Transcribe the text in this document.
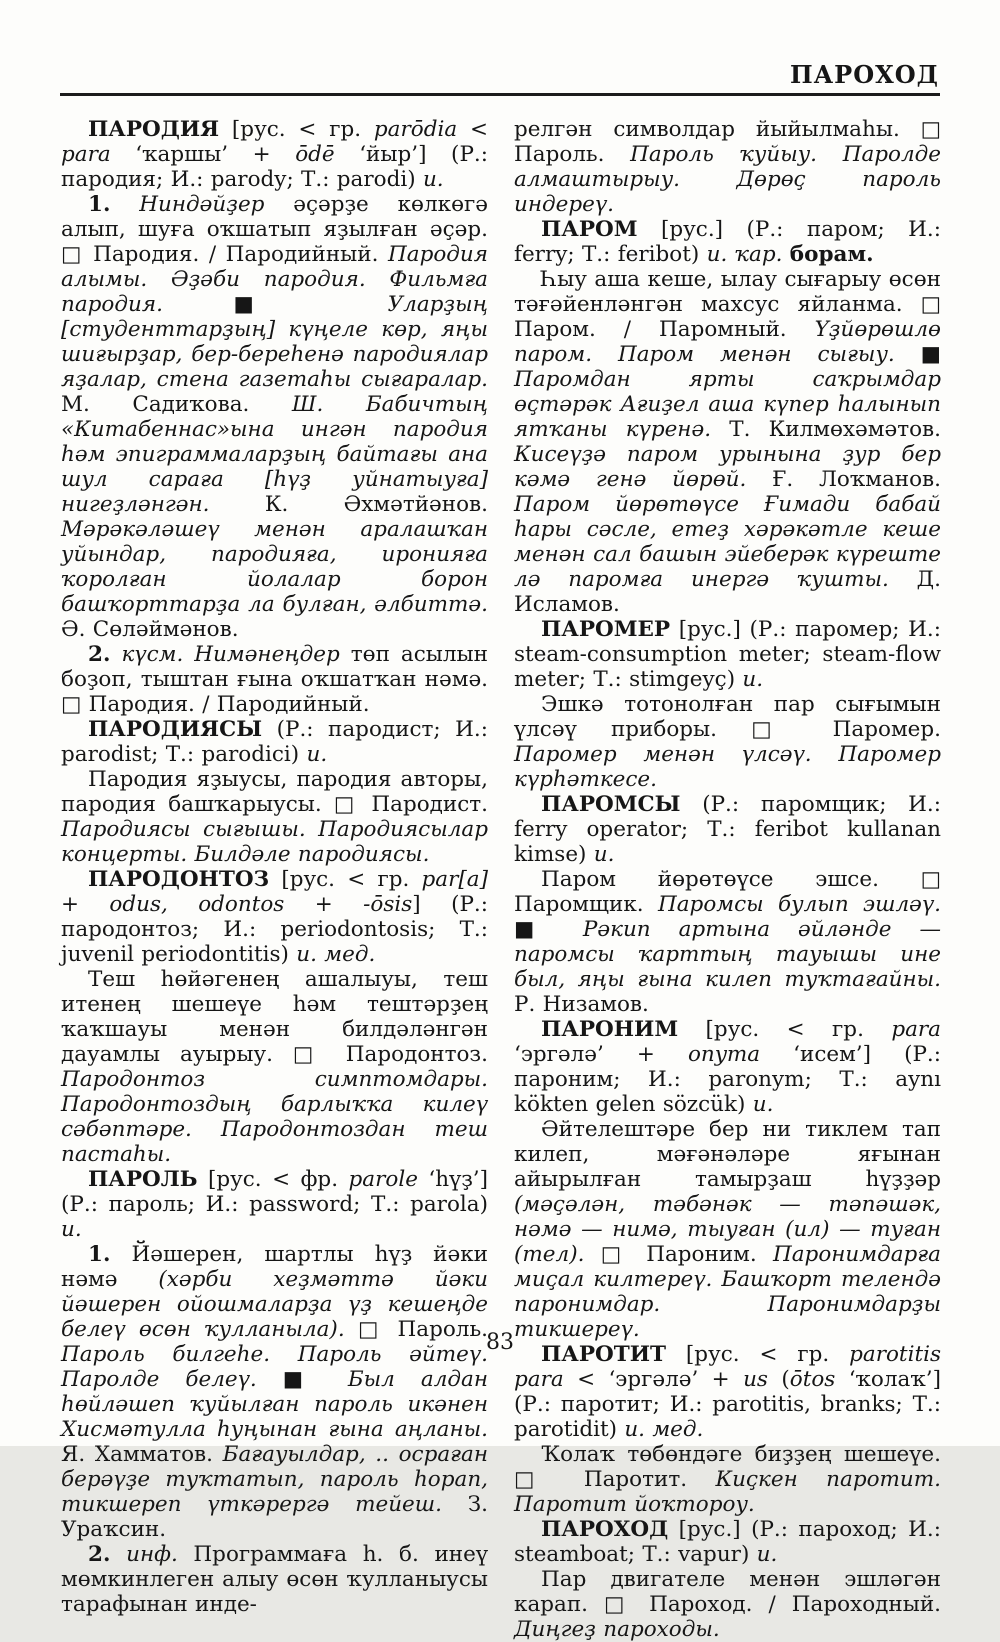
ПАРОХОД

ПАРОДИЯ [рус. < гр. parōdia < para ‘ҡаршы’ + ōdē ‘йыр’] (Р.: пародия; И.: parody; Т.: parodi) и.

1. Ниндәйҙер әҫәрҙе көлкөгә алып, шуға оҡшатып яҙылған әҫәр. □ Пародия. / Пародийный. Пародия алымы. Әҙәби пародия. Фильмға пародия. ■ Уларҙың [студенттарҙың] күңеле көр, яңы шиғырҙар, бер-береһенә пародиялар яҙалар, стена газетаһы сығаралар. М. Садиҡова. Ш. Бабичтың «Китабеннас»ына ингән пародия һәм эпиграммаларҙың байтағы ана шул сараға [һүҙ уйнатыуға] нигеҙләнгән. К. Әхмәтйәнов. Мәрәкәләшеү менән аралашҡан уйындар, пародияға, иронияға ҡоролған йолалар борон башҡорттарҙа ла булған, әлбиттә. Ә. Сөләймәнов.

2. күсм. Нимәнеңдер төп асылын боҙоп, тыштан ғына оҡшатҡан нәмә. □ Пародия. / Пародийный.

ПАРОДИЯСЫ (Р.: пародист; И.: parodist; Т.: parodici) и.

Пародия яҙыусы, пародия авторы, пародия башҡарыусы. □ Пародист. Пародиясы сығышы. Пародиясылар концерты. Билдәле пародиясы.

ПАРОДОНТОЗ [рус. < гр. par[a] + odus, odontos + -ōsis] (Р.: пародонтоз; И.: periodontosis; Т.: juvenil periodontitis) и. мед.

Теш һөйәгенең ашалыуы, теш итенең шешеүе һәм тештәрҙең ҡаҡшауы менән билдәләнгән дауамлы ауырыу. □ Пародонтоз. Пародонтоз симптомдары. Пародонтоздың барлыҡҡа килеү сәбәптәре. Пародонтоздан теш пастаһы.

ПАРОЛЬ [рус. < фр. parole ‘һүҙ’] (Р.: пароль; И.: password; Т.: parola) и.

1. Йәшерен, шартлы һүҙ йәки нәмә (хәрби хеҙмәттә йәки йәшерен ойошмаларҙа үҙ кешеңде белеү өсөн ҡулланыла). □ Пароль. Пароль билгеһе. Пароль әйтеү. Паролде белеү. ■ Был алдан һөйләшеп ҡуйылған пароль икәнен Хисмәтулла һуңынан ғына аңланы. Я. Хамматов. Бағауылдар, .. осраған берәүҙе туҡтатып, пароль һорап, тикшереп үткәрергә тейеш. З. Ураҡсин.

2. инф. Программаға һ. б. инеү мөмкинлеген алыу өсөн ҡулланыусы тарафынан инде-

релгән символдар йыйылмаһы. □ Пароль. Пароль ҡуйыу. Паролде алмаштырыу. Дөрөҫ пароль индереү.

ПАРОМ [рус.] (Р.: паром; И.: ferry; Т.: feribot) и. ҡар. борам.

Һыу аша кеше, ылау сығарыу өсөн тәғәйенләнгән махсус яйланма. □ Паром. / Паромный. Үҙйөрөшлө паром. Паром менән сығыу. ■ Паромдан ярты саҡрымдар өҫтәрәк Ағиҙел аша күпер һалынып ятҡаны күренә. Т. Килмөхәмәтов. Кисеүҙә паром урынына ҙур бер кәмә генә йөрөй. Ғ. Лоҡманов. Паром йөрөтөүсе Ғимади бабай һары сәсле, етеҙ хәрәкәтле кеше менән сал башын эйеберәк күреште лә паромға инергә ҡушты. Д. Исламов.

ПАРОМЕР [рус.] (Р.: паромер; И.: steam-consumption meter; steam-flow meter; Т.: stimgeyç) и.

Эшкә тотонолған пар сығымын үлсәү приборы. □ Паромер. Паромер менән үлсәү. Паромер күрһәткесе.

ПАРОМСЫ (Р.: паромщик; И.: ferry operator; Т.: feribot kullanan kimse) и.

Паром йөрөтөүсе эшсе. □ Паромщик. Паромсы булып эшләү. ■ Рәкип артына әйләнде — паромсы ҡарттың тауышы ине был, яңы ғына килеп туҡтағайны. Р. Низамов.

ПАРОНИМ [рус. < гр. para ‘эргәлә’ + onyma ‘исем’] (Р.: пароним; И.: paronym; Т.: aynı kökten gelen sözcük) и.

Әйтелештәре бер ни тиклем тап килеп, мәғәнәләре яғынан айырылған тамырҙаш һүҙҙәр (мәҫәлән, тәбәнәк — тәпәшәк, нәмә — нимә, тыуған (ил) — туған (тел). □ Пароним. Паронимдарға миҫал килтереү. Башҡорт телендә паронимдар. Паронимдарҙы тикшереү.

ПАРОТИТ [рус. < гр. parotitis para < ‘эргәлә’ + us (ōtos ‘ҡолаҡ’] (Р.: паротит; И.: parotitis, branks; Т.: parotidit) и. мед.

Ҡолаҡ төбөндәге биҙҙең шешеүе. □ Паротит. Киҫкен паротит. Паротит йоҡтороу.

ПАРОХОД [рус.] (Р.: пароход; И.: steamboat; Т.: vapur) и.

Пар двигателе менән эшләгән карап. □ Пароход. / Пароходный. Диңгеҙ пароходы.

83
